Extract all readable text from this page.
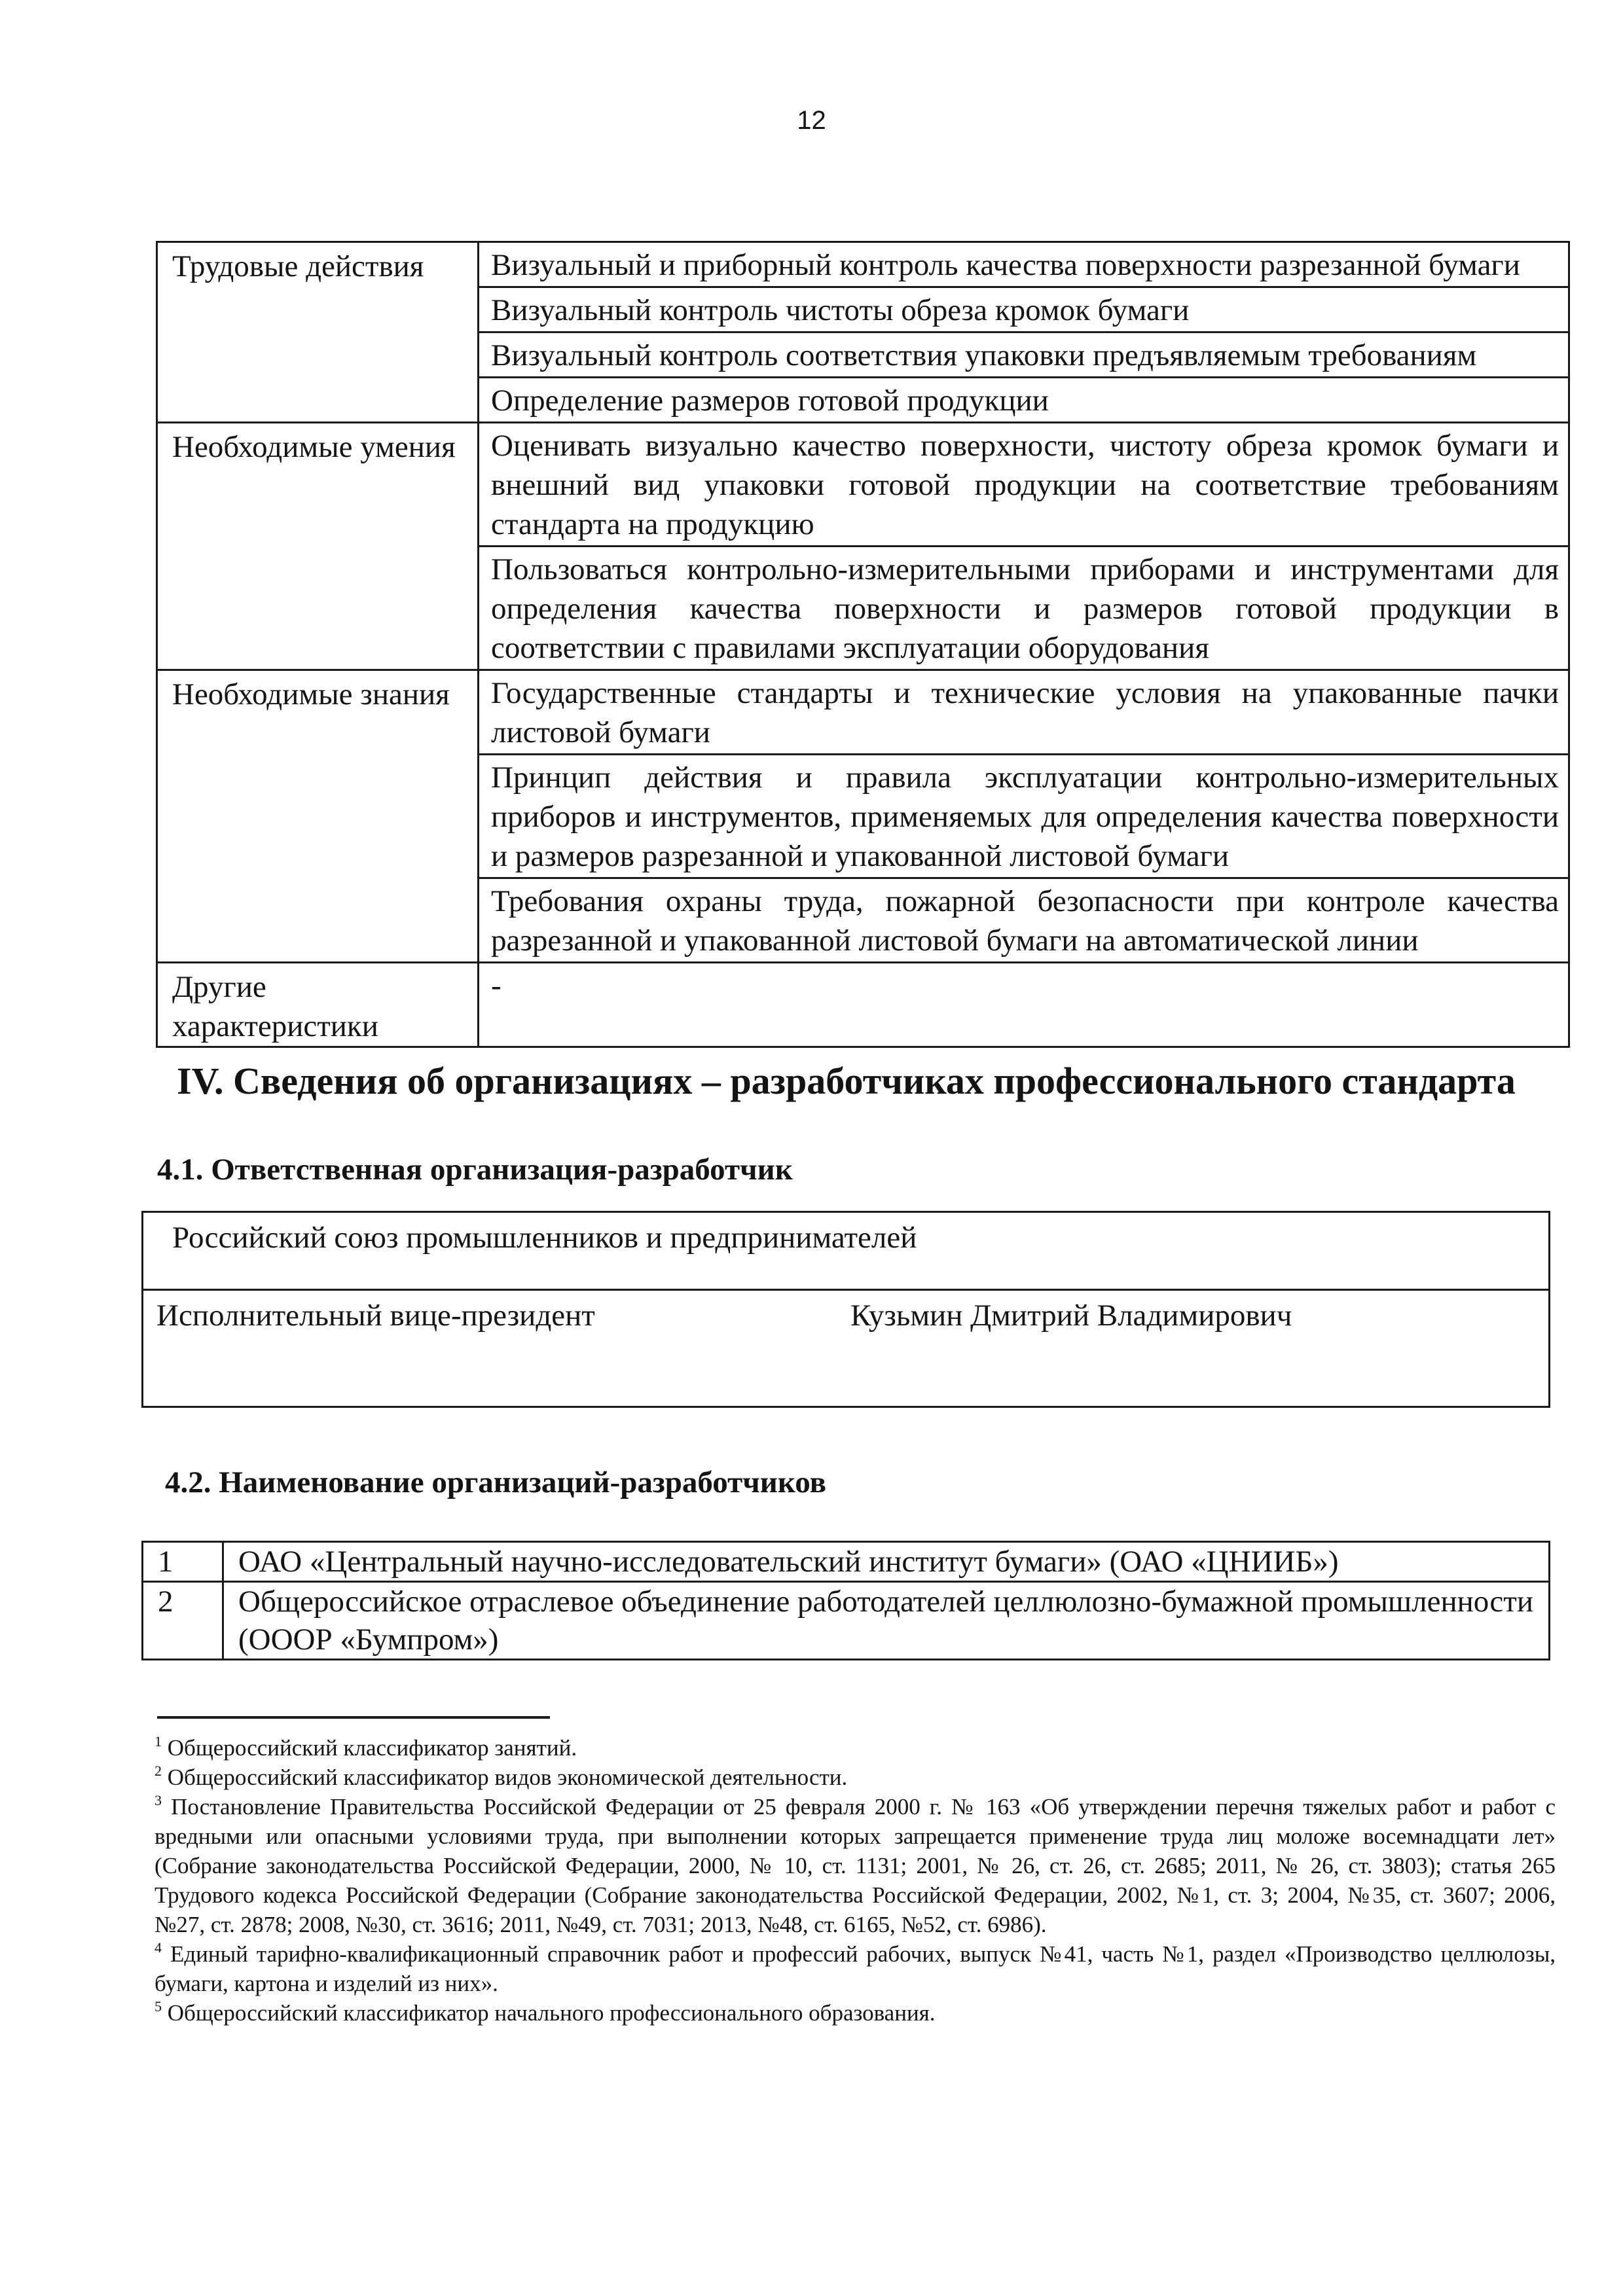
12
Трудовые действия	Визуальный и приборный контроль качества поверхности разрезанной бумаги
	Визуальный контроль чистоты обреза кромок бумаги
	Визуальный контроль соответствия упаковки предъявляемым требованиям
	Определение размеров готовой продукции
Необходимые умения	Оценивать визуально качество поверхности, чистоту обреза кромок бумаги и внешний вид упаковки готовой продукции на соответствие требованиям стандарта на продукцию
	Пользоваться контрольно-измерительными приборами и инструментами для определения качества поверхности и размеров готовой продукции в соответствии с правилами эксплуатации оборудования
Необходимые знания	Государственные стандарты и технические условия на упакованные пачки листовой бумаги
	Принцип действия и правила эксплуатации контрольно-измерительных приборов и инструментов, применяемых для определения качества поверхности и размеров разрезанной и упакованной листовой бумаги
	Требования охраны труда, пожарной безопасности при контроле качества разрезанной и упакованной листовой бумаги на автоматической линии
Другие характеристики	-
IV. Сведения об организациях – разработчиках профессионального стандарта
4.1. Ответственная организация-разработчик
Российский союз промышленников и предпринимателей
Исполнительный вице-президент	Кузьмин Дмитрий Владимирович
4.2. Наименование организаций-разработчиков
1	ОАО «Центральный научно-исследовательский институт бумаги» (ОАО «ЦНИИБ»)
2	Общероссийское отраслевое объединение работодателей целлюлозно-бумажной промышленности (ОООР «Бумпром»)

$^1$ Общероссийский классификатор занятий.

$^2$ Общероссийский классификатор видов экономической деятельности.

$^3$ Постановление Правительства Российской Федерации от 25 февраля 2000 г. № 163 «Об утверждении перечня тяжелых работ и работ с вредными или опасными условиями труда, при выполнении которых запрещается применение труда лиц моложе восемнадцати лет» (Собрание законодательства Российской Федерации, 2000, № 10, ст. 1131; 2001, № 26, ст. 26, ст. 2685; 2011, № 26, ст. 3803); статья 265 Трудового кодекса Российской Федерации (Собрание законодательства Российской Федерации, 2002, №1, ст. 3; 2004, №35, ст. 3607; 2006, №27, ст. 2878; 2008, №30, ст. 3616; 2011, №49, ст. 7031; 2013, №48, ст. 6165, №52, ст. 6986).

$^4$ Единый тарифно-квалификационный справочник работ и профессий рабочих, выпуск №41, часть №1, раздел «Производство целлюлозы, бумаги, картона и изделий из них».

$^5$ Общероссийский классификатор начального профессионального образования.
